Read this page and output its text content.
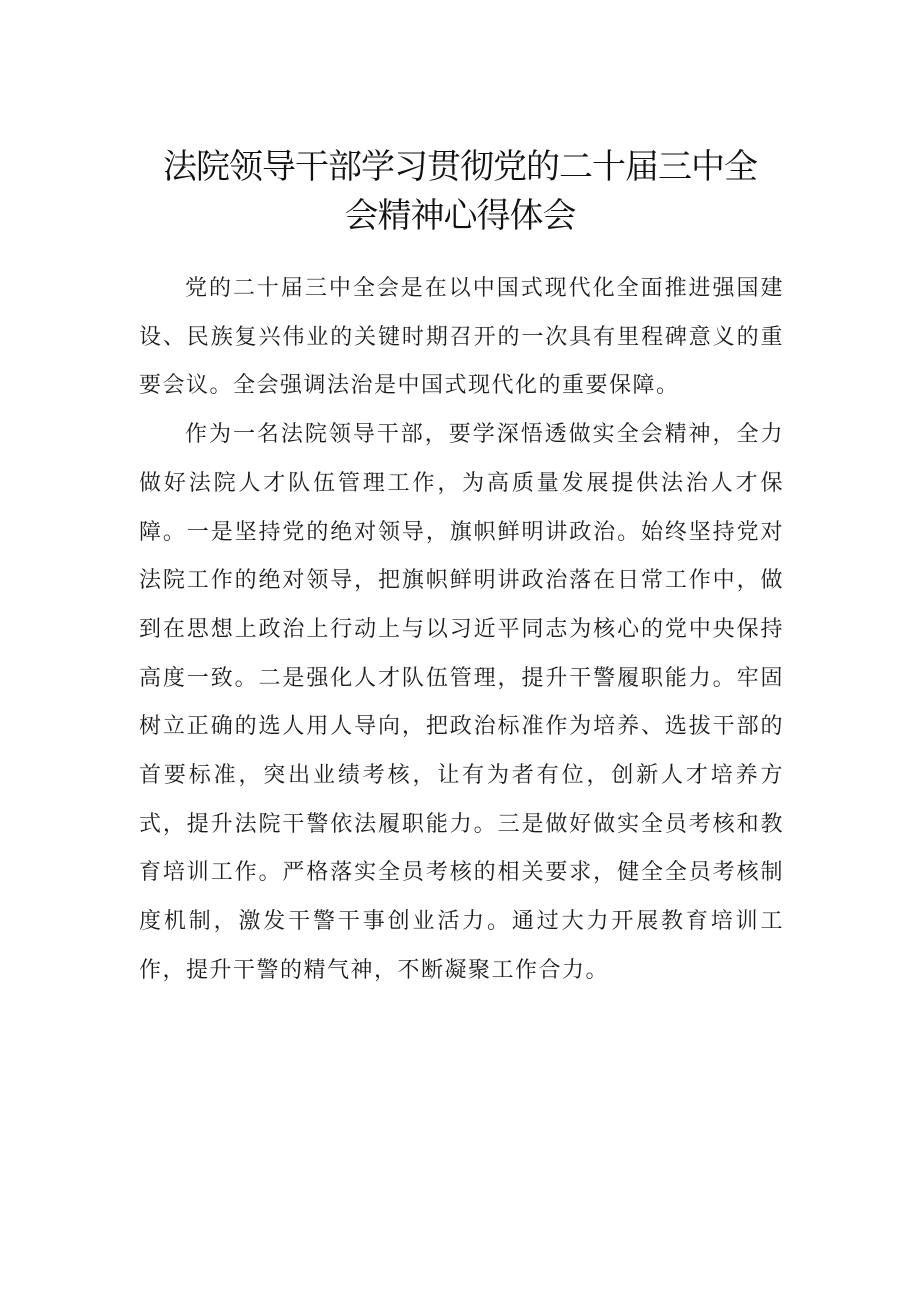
法院领导干部学习贯彻党的二十届三中全
会精神心得体会

党的二十届三中全会是在以中国式现代化全面推进强国建设、民族复兴伟业的关键时期召开的一次具有里程碑意义的重要会议。全会强调法治是中国式现代化的重要保障。

作为一名法院领导干部，要学深悟透做实全会精神，全力做好法院人才队伍管理工作，为高质量发展提供法治人才保障。一是坚持党的绝对领导，旗帜鲜明讲政治。始终坚持党对法院工作的绝对领导，把旗帜鲜明讲政治落在日常工作中，做到在思想上政治上行动上与以习近平同志为核心的党中央保持高度一致。二是强化人才队伍管理，提升干警履职能力。牢固树立正确的选人用人导向，把政治标准作为培养、选拔干部的首要标准，突出业绩考核，让有为者有位，创新人才培养方式，提升法院干警依法履职能力。三是做好做实全员考核和教育培训工作。严格落实全员考核的相关要求，健全全员考核制度机制，激发干警干事创业活力。通过大力开展教育培训工作，提升干警的精气神，不断凝聚工作合力。
